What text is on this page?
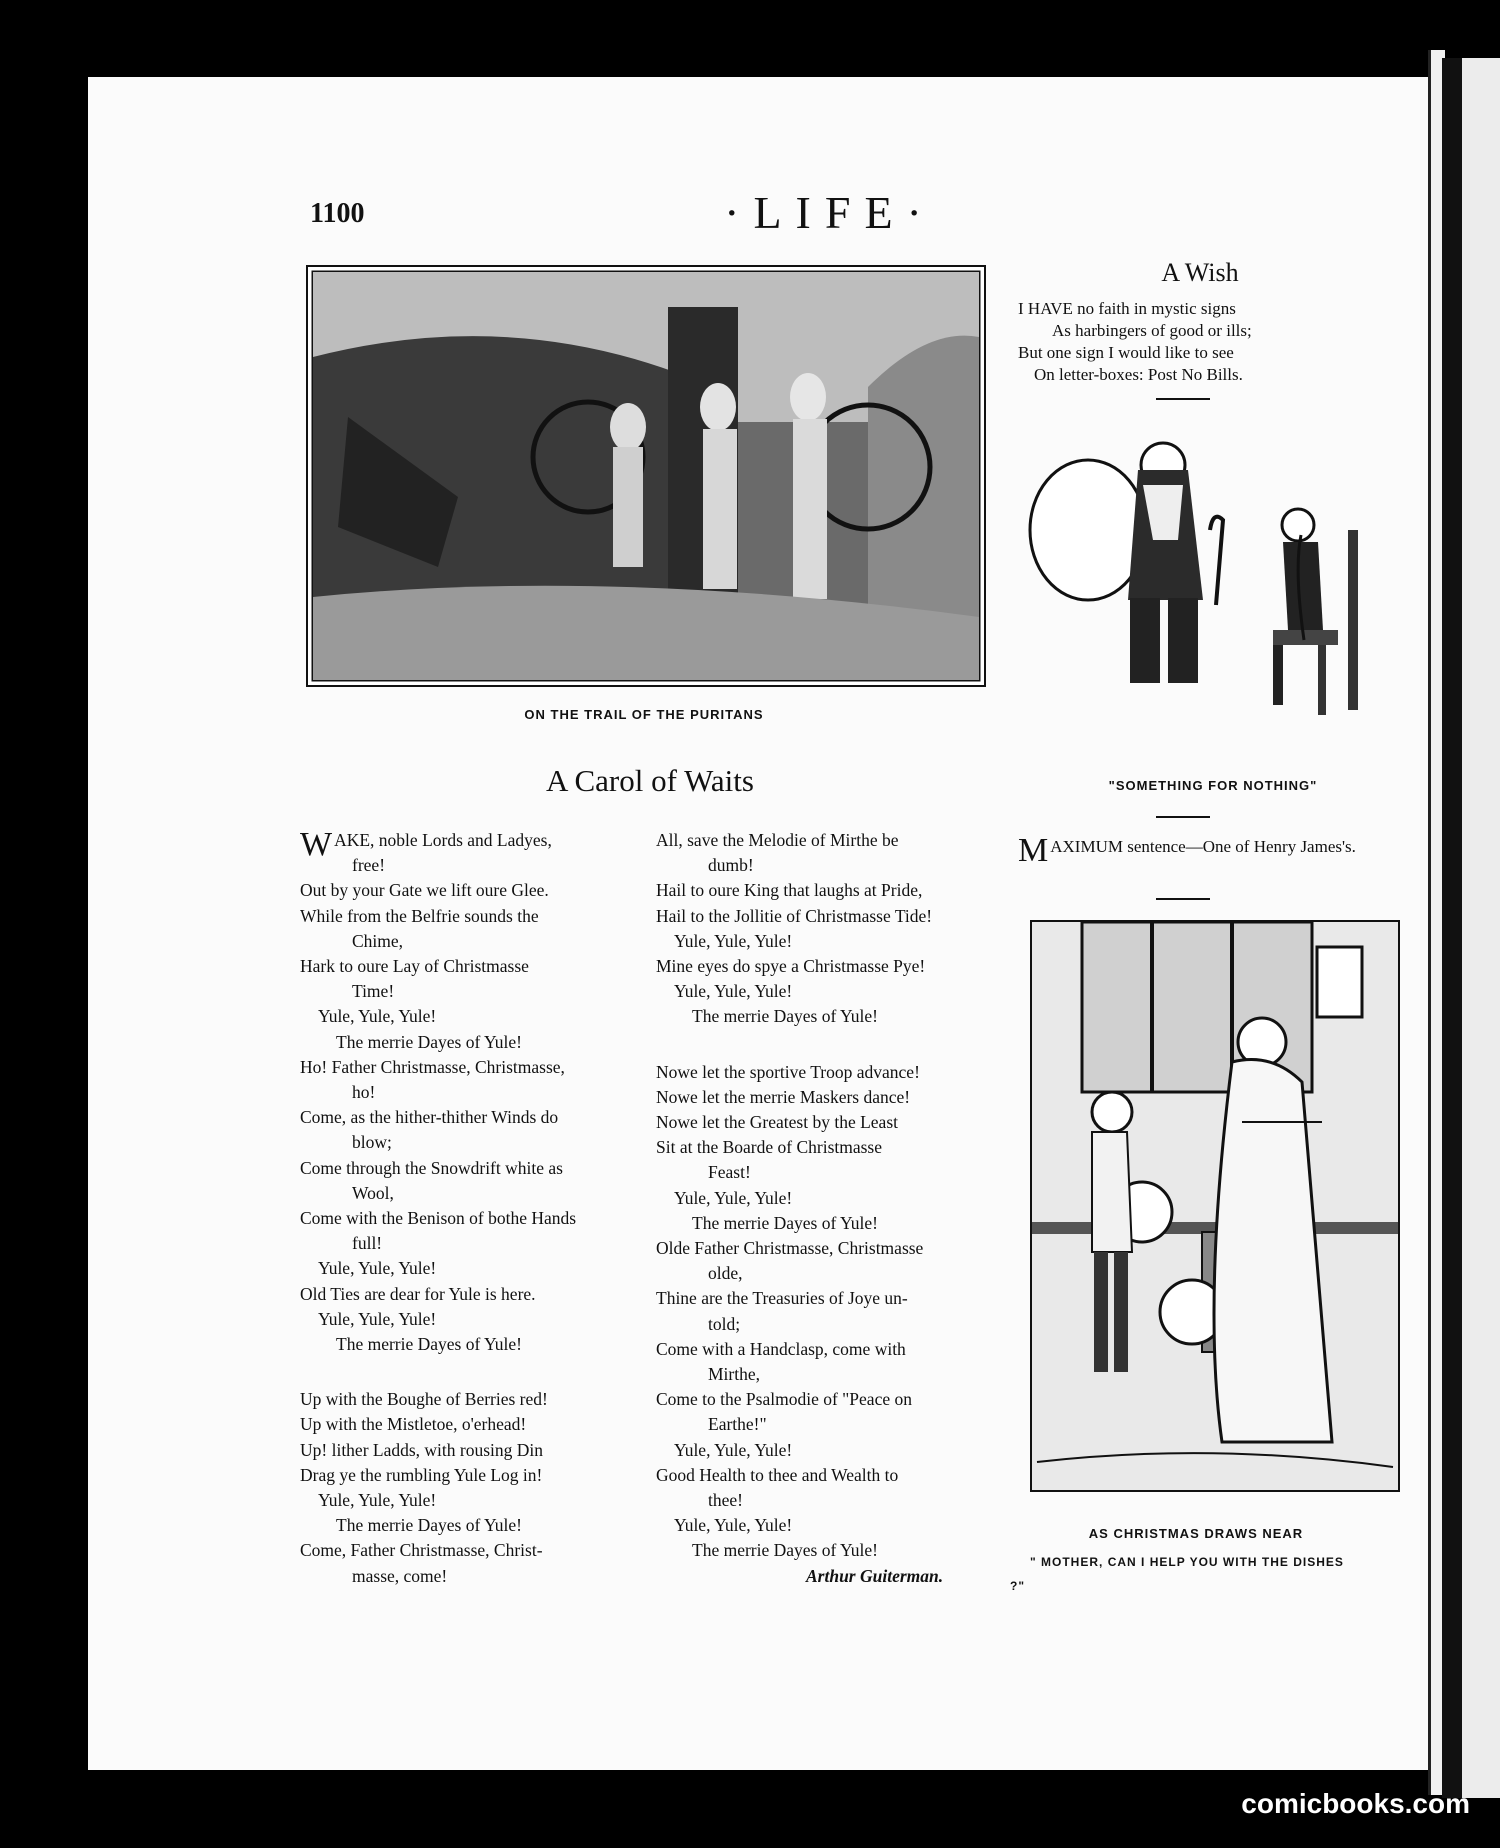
1100	·LIFE·
ON THE TRAIL OF THE PURITANS
A Carol of Waits
WAKE, noble Lords and Ladyes,
free!
Out by your Gate we lift oure Glee.
While from the Belfrie sounds the
Chime,
Hark to oure Lay of Christmasse
Time!
Yule, Yule, Yule!
The merrie Dayes of Yule!
Ho! Father Christmasse, Christmasse,
ho!
Come, as the hither-thither Winds do
blow;
Come through the Snowdrift white as
Wool,
Come with the Benison of bothe Hands
full!
Yule, Yule, Yule!
Old Ties are dear for Yule is here.
Yule, Yule, Yule!
The merrie Dayes of Yule!
Up with the Boughe of Berries red!
Up with the Mistletoe, o'erhead!
Up! lither Ladds, with rousing Din
Drag ye the rumbling Yule Log in!
Yule, Yule, Yule!
The merrie Dayes of Yule!
Come, Father Christmasse, Christ-
masse, come!
All, save the Melodie of Mirthe be
dumb!
Hail to oure King that laughs at Pride,
Hail to the Jollitie of Christmasse Tide!
Yule, Yule, Yule!
Mine eyes do spye a Christmasse Pye!
Yule, Yule, Yule!
The merrie Dayes of Yule!
Nowe let the sportive Troop advance!
Nowe let the merrie Maskers dance!
Nowe let the Greatest by the Least
Sit at the Boarde of Christmasse
Feast!
Yule, Yule, Yule!
The merrie Dayes of Yule!
Olde Father Christmasse, Christmasse
olde,
Thine are the Treasuries of Joye un-
told;
Come with a Handclasp, come with
Mirthe,
Come to the Psalmodie of "Peace on
Earthe!"
Yule, Yule, Yule!
Good Health to thee and Wealth to
thee!
Yule, Yule, Yule!
The merrie Dayes of Yule!
Arthur Guiterman.
A Wish
I HAVE no faith in mystic signs
As harbingers of good or ills;
But one sign I would like to see
On letter-boxes: Post No Bills.
"SOMETHING FOR NOTHING"
MAXIMUM sentence—One of Henry James's.
AS CHRISTMAS DRAWS NEAR
" MOTHER, CAN I HELP YOU WITH THE DISHES ?"
comicbooks.com
